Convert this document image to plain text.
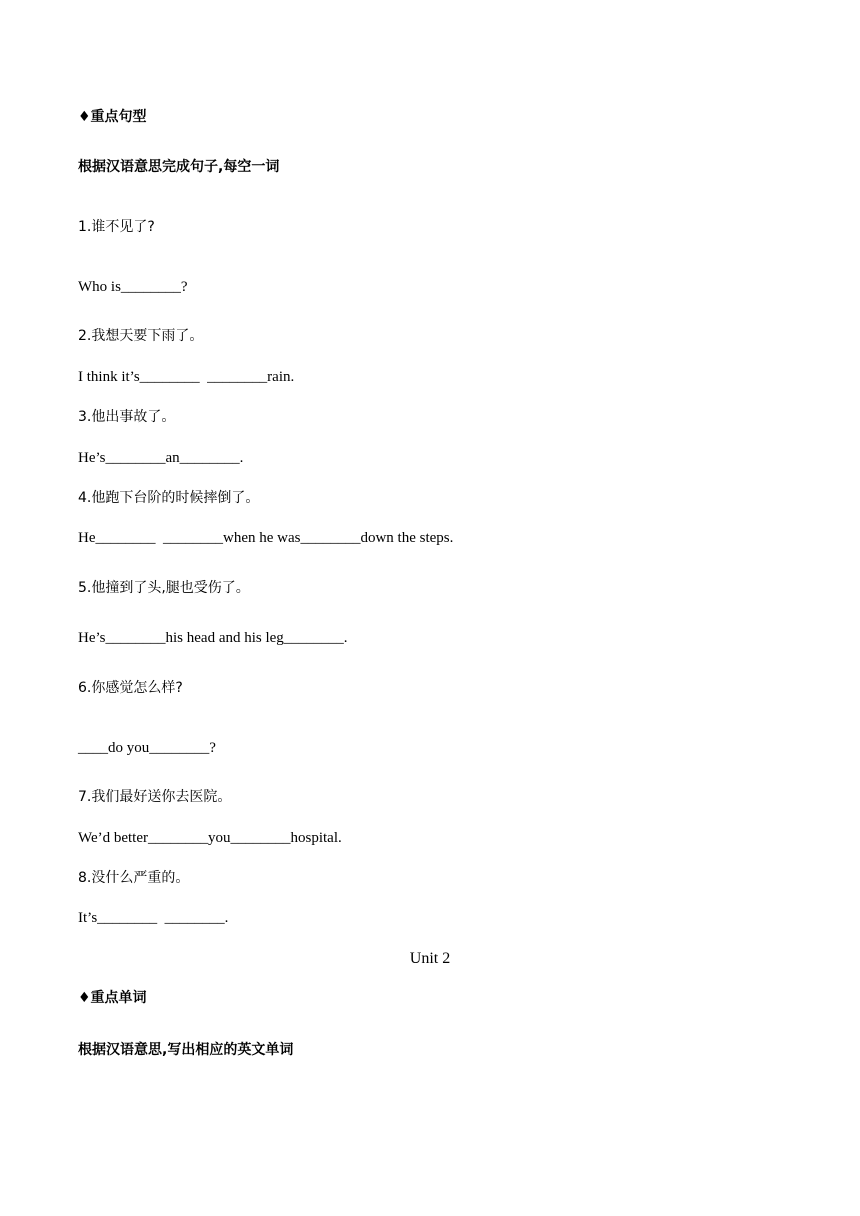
♦重点句型
根据汉语意思完成句子,每空一词
1.谁不见了?
Who is________?
2.我想天要下雨了。
I think it’s________  ________rain.
3.他出事故了。
He’s________an________.
4.他跑下台阶的时候摔倒了。
He________  ________when he was________down the steps.
5.他撞到了头,腿也受伤了。
He’s________his head and his leg________.
6.你感觉怎么样?
____do you________?
7.我们最好送你去医院。
We’d better________you________hospital.
8.没什么严重的。
It’s________  ________.
Unit 2
♦重点单词
根据汉语意思,写出相应的英文单词
